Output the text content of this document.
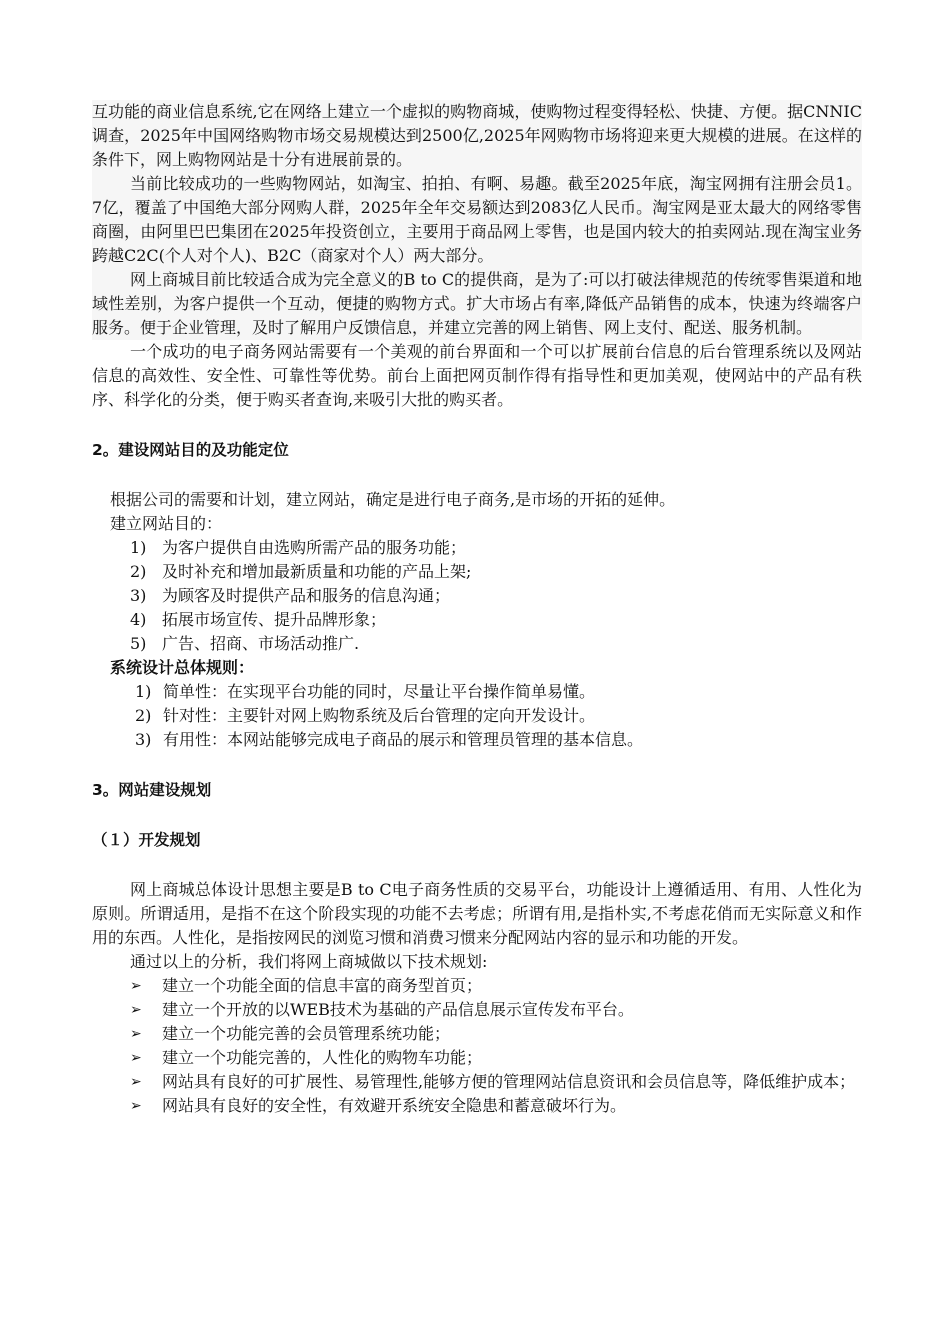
互功能的商业信息系统,它在网络上建立一个虚拟的购物商城，使购物过程变得轻松、快捷、方便。据CNNIC调查，2025年中国网络购物市场交易规模达到2500亿,2025年网购物市场将迎来更大规模的进展。在这样的条件下，网上购物网站是十分有进展前景的。

当前比较成功的一些购物网站，如淘宝、拍拍、有啊、易趣。截至2025年底，淘宝网拥有注册会员1。7亿，覆盖了中国绝大部分网购人群，2025年全年交易额达到2083亿人民币。淘宝网是亚太最大的网络零售商圈，由阿里巴巴集团在2025年投资创立，主要用于商品网上零售，也是国内较大的拍卖网站.现在淘宝业务跨越C2C(个人对个人)、B2C（商家对个人）两大部分。

网上商城目前比较适合成为完全意义的B to C的提供商，是为了:可以打破法律规范的传统零售渠道和地域性差别，为客户提供一个互动，便捷的购物方式。扩大市场占有率,降低产品销售的成本，快速为终端客户服务。便于企业管理，及时了解用户反馈信息，并建立完善的网上销售、网上支付、配送、服务机制。

一个成功的电子商务网站需要有一个美观的前台界面和一个可以扩展前台信息的后台管理系统以及网站信息的高效性、安全性、可靠性等优势。前台上面把网页制作得有指导性和更加美观，使网站中的产品有秩序、科学化的分类，便于购买者查询,来吸引大批的购买者。

2。建设网站目的及功能定位

根据公司的需要和计划，建立网站，确定是进行电子商务,是市场的开拓的延伸。

建立网站目的：

1) 为客户提供自由选购所需产品的服务功能；
2) 及时补充和增加最新质量和功能的产品上架;
3) 为顾客及时提供产品和服务的信息沟通；
4) 拓展市场宣传、提升品牌形象；
5) 广告、招商、市场活动推广.
系统设计总体规则：
1) 简单性：在实现平台功能的同时，尽量让平台操作简单易懂。
2) 针对性：主要针对网上购物系统及后台管理的定向开发设计。
3) 有用性：本网站能够完成电子商品的展示和管理员管理的基本信息。
3。网站建设规划
（１）开发规划

网上商城总体设计思想主要是B to C电子商务性质的交易平台，功能设计上遵循适用、有用、人性化为原则。所谓适用，是指不在这个阶段实现的功能不去考虑；所谓有用,是指朴实,不考虑花俏而无实际意义和作用的东西。人性化，是指按网民的浏览习惯和消费习惯来分配网站内容的显示和功能的开发。

通过以上的分析，我们将网上商城做以下技术规划:

➢ 建立一个功能全面的信息丰富的商务型首页；
➢ 建立一个开放的以WEB技术为基础的产品信息展示宣传发布平台。
➢ 建立一个功能完善的会员管理系统功能；
➢ 建立一个功能完善的，人性化的购物车功能；
➢ 网站具有良好的可扩展性、易管理性,能够方便的管理网站信息资讯和会员信息等，降低维护成本；
➢ 网站具有良好的安全性，有效避开系统安全隐患和蓄意破坏行为。
